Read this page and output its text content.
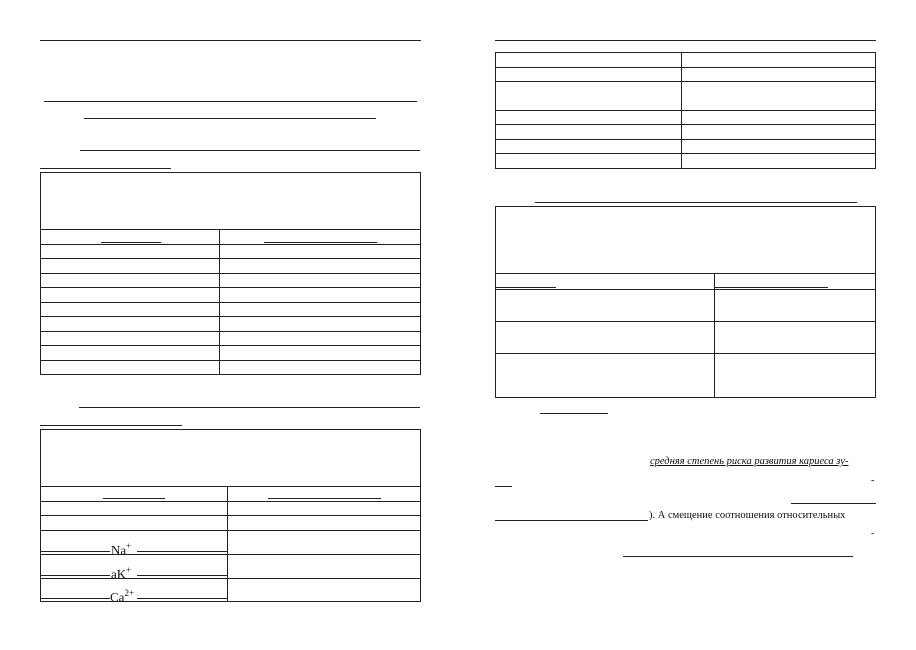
Na+
aK+
$Ca^{2+}$
средняя степень риска развития кариеса зу-
-
). А смещение соотношения относительных
-
